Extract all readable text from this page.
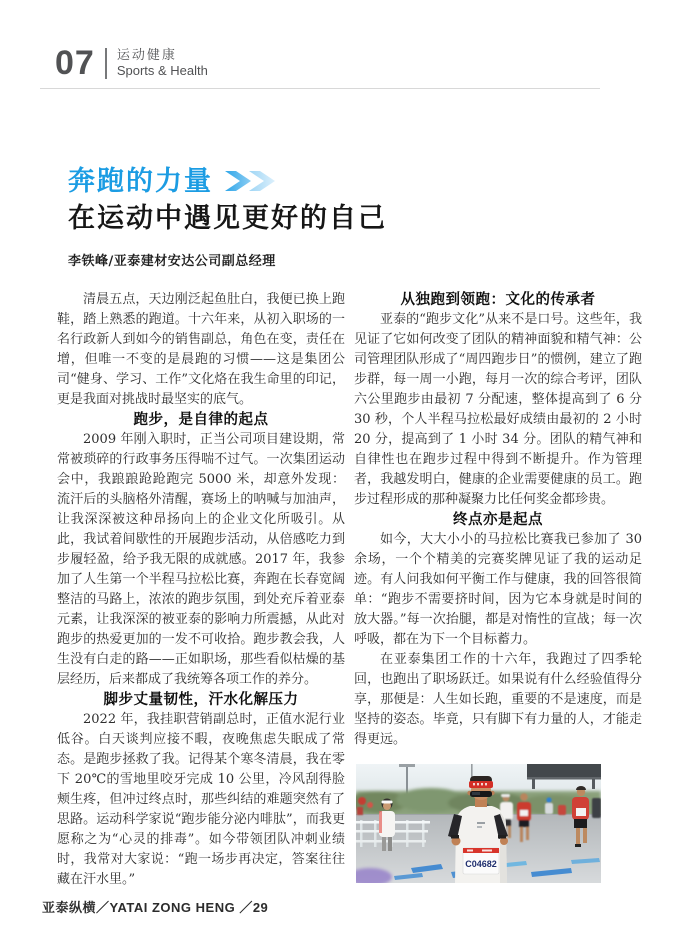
07 运动健康
Sports & Health
奔跑的力量
在运动中遇见更好的自己
李铁峰/亚泰建材安达公司副总经理

清晨五点，天边刚泛起鱼肚白，我便已换上跑鞋，踏上熟悉的跑道。十六年来，从初入职场的一名行政新人到如今的销售副总，角色在变，责任在增，但唯一不变的是晨跑的习惯——这是集团公司“健身、学习、工作”文化烙在我生命里的印记，更是我面对挑战时最坚实的底气。

跑步，是自律的起点

2009 年刚入职时，正当公司项目建设期，常常被琐碎的行政事务压得喘不过气。一次集团运动会中，我踉踉跄跄跑完 5000 米，却意外发现：流汗后的头脑格外清醒，赛场上的呐喊与加油声，让我深深被这种昂扬向上的企业文化所吸引。从此，我试着间歇性的开展跑步活动，从倍感吃力到步履轻盈，给予我无限的成就感。2017 年，我参加了人生第一个半程马拉松比赛，奔跑在长春宽阔整洁的马路上，浓浓的跑步氛围，到处充斥着亚泰元素，让我深深的被亚泰的影响力所震撼，从此对跑步的热爱更加的一发不可收拾。跑步教会我，人生没有白走的路——正如职场，那些看似枯燥的基层经历，后来都成了我统筹各项工作的养分。

脚步丈量韧性，汗水化解压力

2022 年，我挂职营销副总时，正值水泥行业低谷。白天谈判应接不暇，夜晚焦虑失眠成了常态。是跑步拯救了我。记得某个寒冬清晨，我在零下 20℃的雪地里咬牙完成 10 公里，冷风刮得脸颊生疼，但冲过终点时，那些纠结的难题突然有了思路。运动科学家说“跑步能分泌内啡肽”，而我更愿称之为“心灵的排毒”。如今带领团队冲刺业绩时，我常对大家说：“跑一场步再决定，答案往往藏在汗水里。”

从独跑到领跑：文化的传承者

亚泰的“跑步文化”从来不是口号。这些年，我见证了它如何改变了团队的精神面貌和精气神：公司管理团队形成了“周四跑步日”的惯例，建立了跑步群，每一周一小跑，每月一次的综合考评，团队六公里跑步由最初 7 分配速，整体提高到了 6 分 30 秒，个人半程马拉松最好成绩由最初的 2 小时 20 分，提高到了 1 小时 34 分。团队的精气神和自律性也在跑步过程中得到不断提升。作为管理者，我越发明白，健康的企业需要健康的员工。跑步过程形成的那种凝聚力比任何奖金都珍贵。

终点亦是起点

如今，大大小小的马拉松比赛我已参加了 30 余场，一个个精美的完赛奖牌见证了我的运动足迹。有人问我如何平衡工作与健康，我的回答很简单：“跑步不需要挤时间，因为它本身就是时间的放大器。”每一次抬腿，都是对惰性的宣战；每一次呼吸，都在为下一个目标蓄力。

在亚泰集团工作的十六年，我跑过了四季轮回，也跑出了职场跃迁。如果说有什么经验值得分享，那便是：人生如长跑，重要的不是速度，而是坚持的姿态。毕竟，只有脚下有力量的人，才能走得更远。

C04682
亚泰纵横／YATAI ZONG HENG ／29
